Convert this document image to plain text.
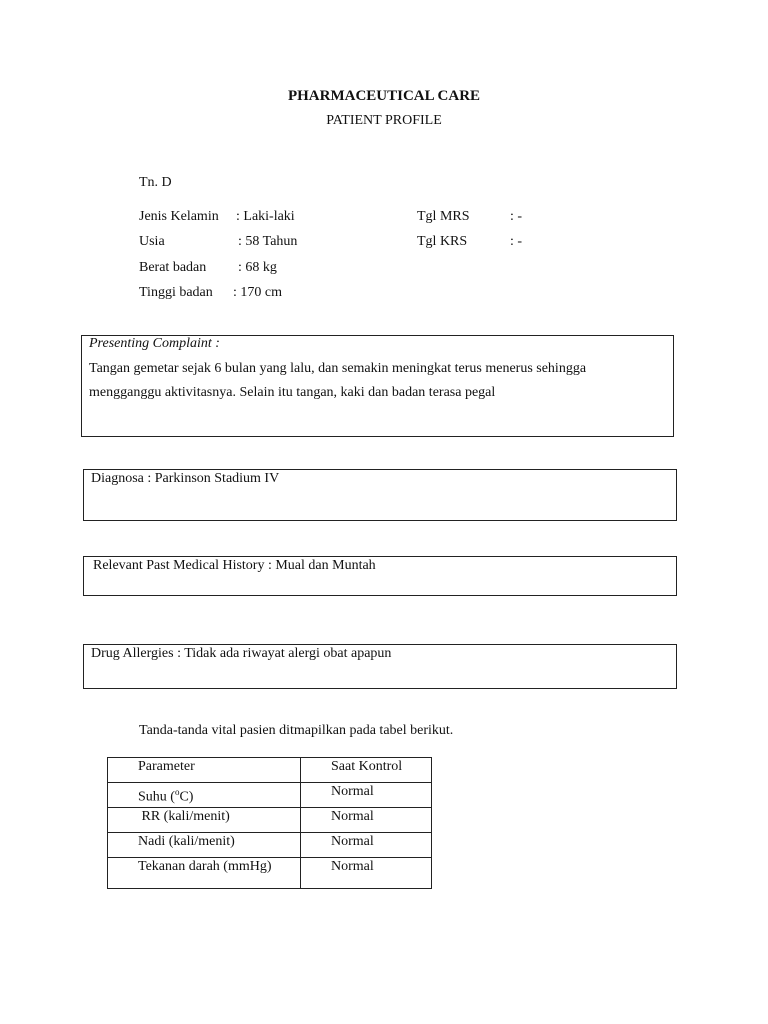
PHARMACEUTICAL CARE
PATIENT PROFILE
Tn. D
Jenis Kelamin : Laki-laki	Tgl MRS	: -
Usia	: 58 Tahun	Tgl KRS	: -
Berat badan : 68 kg
Tinggi badan : 170 cm
Presenting Complaint :
Tangan gemetar sejak 6 bulan yang lalu, dan semakin meningkat terus menerus sehingga
mengganggu aktivitasnya. Selain itu tangan, kaki dan badan terasa pegal
Diagnosa : Parkinson Stadium IV
Relevant Past Medical History : Mual dan Muntah
Drug Allergies : Tidak ada riwayat alergi obat apapun
Tanda-tanda vital pasien ditmapilkan pada tabel berikut.
Parameter	Saat Kontrol
Suhu ($^o$C)	Normal
RR (kali/menit)	Normal
Nadi (kali/menit)	Normal
Tekanan darah (mmHg)	Normal
